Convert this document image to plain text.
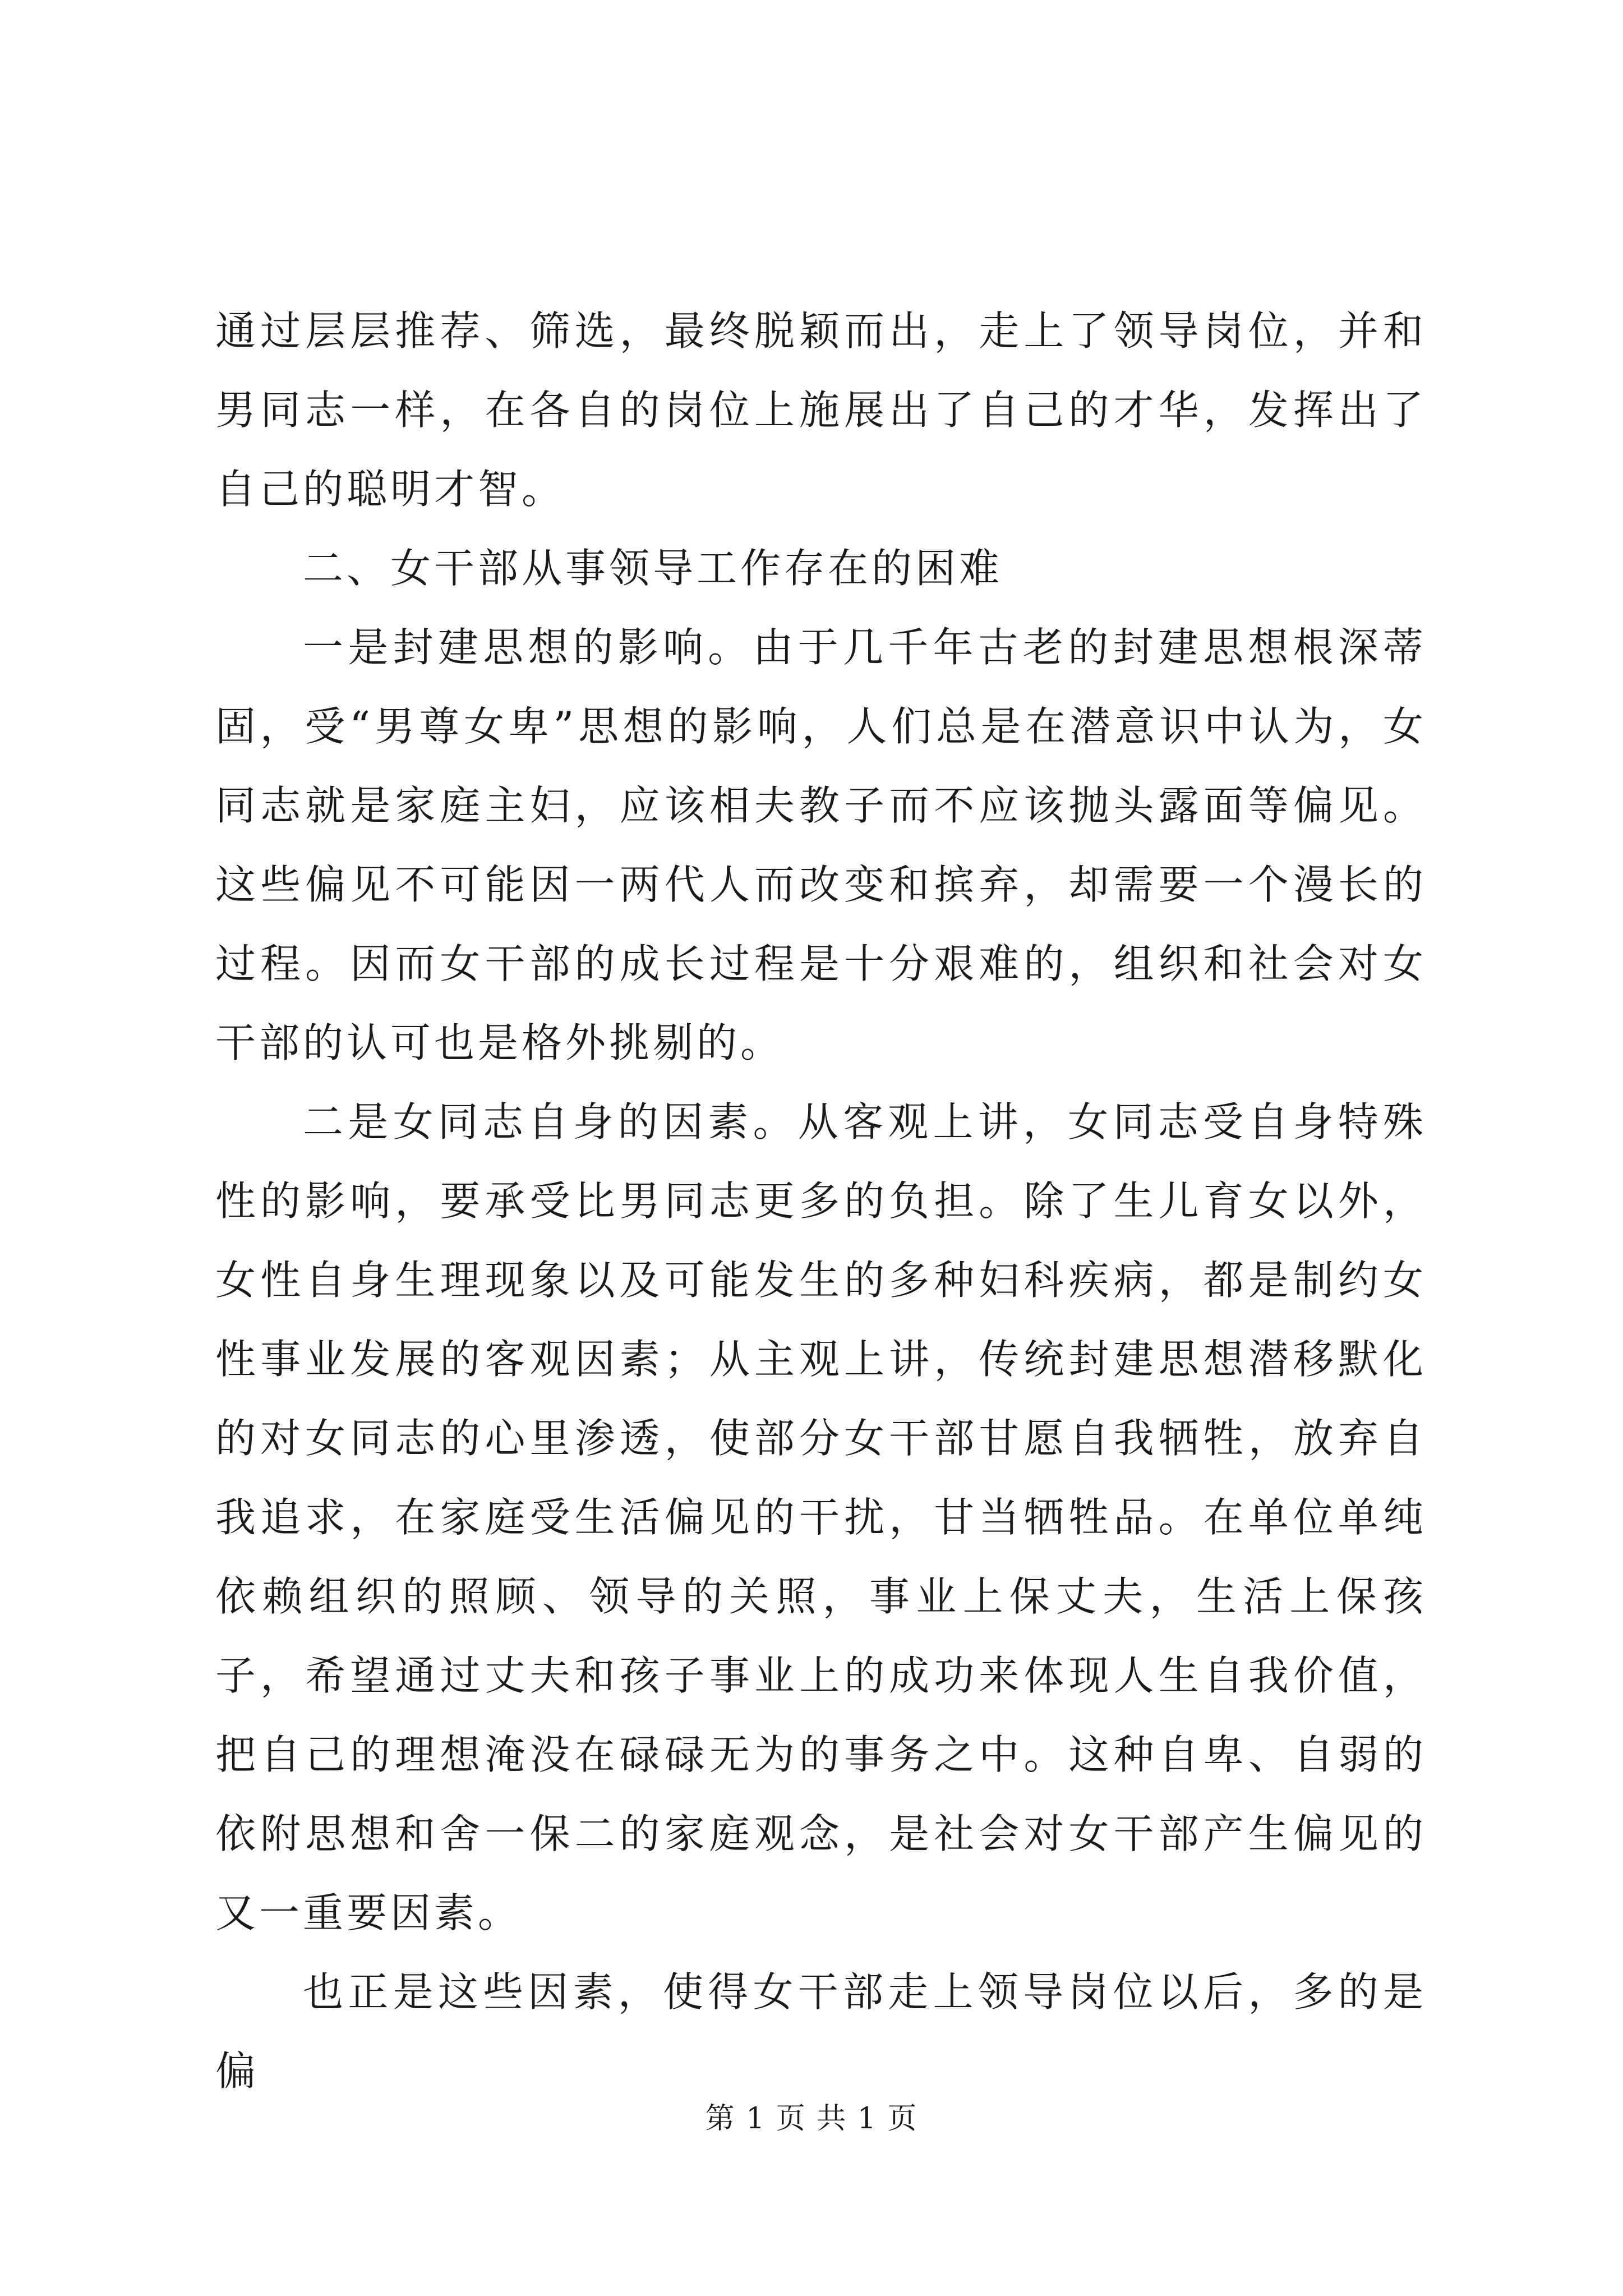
通过层层推荐、筛选，最终脱颖而出，走上了领导岗位，并和男同志一样，在各自的岗位上施展出了自己的才华，发挥出了自己的聪明才智。

二、女干部从事领导工作存在的困难

一是封建思想的影响。由于几千年古老的封建思想根深蒂固，受“男尊女卑”思想的影响，人们总是在潜意识中认为，女同志就是家庭主妇，应该相夫教子而不应该抛头露面等偏见。这些偏见不可能因一两代人而改变和摈弃，却需要一个漫长的过程。因而女干部的成长过程是十分艰难的，组织和社会对女干部的认可也是格外挑剔的。

二是女同志自身的因素。从客观上讲，女同志受自身特殊性的影响，要承受比男同志更多的负担。除了生儿育女以外，女性自身生理现象以及可能发生的多种妇科疾病，都是制约女性事业发展的客观因素；从主观上讲，传统封建思想潜移默化的对女同志的心里渗透，使部分女干部甘愿自我牺牲，放弃自我追求，在家庭受生活偏见的干扰，甘当牺牲品。在单位单纯依赖组织的照顾、领导的关照，事业上保丈夫，生活上保孩子，希望通过丈夫和孩子事业上的成功来体现人生自我价值，把自己的理想淹没在碌碌无为的事务之中。这种自卑、自弱的依附思想和舍一保二的家庭观念，是社会对女干部产生偏见的又一重要因素。

也正是这些因素，使得女干部走上领导岗位以后，多的是偏

第 1 页 共 1 页
